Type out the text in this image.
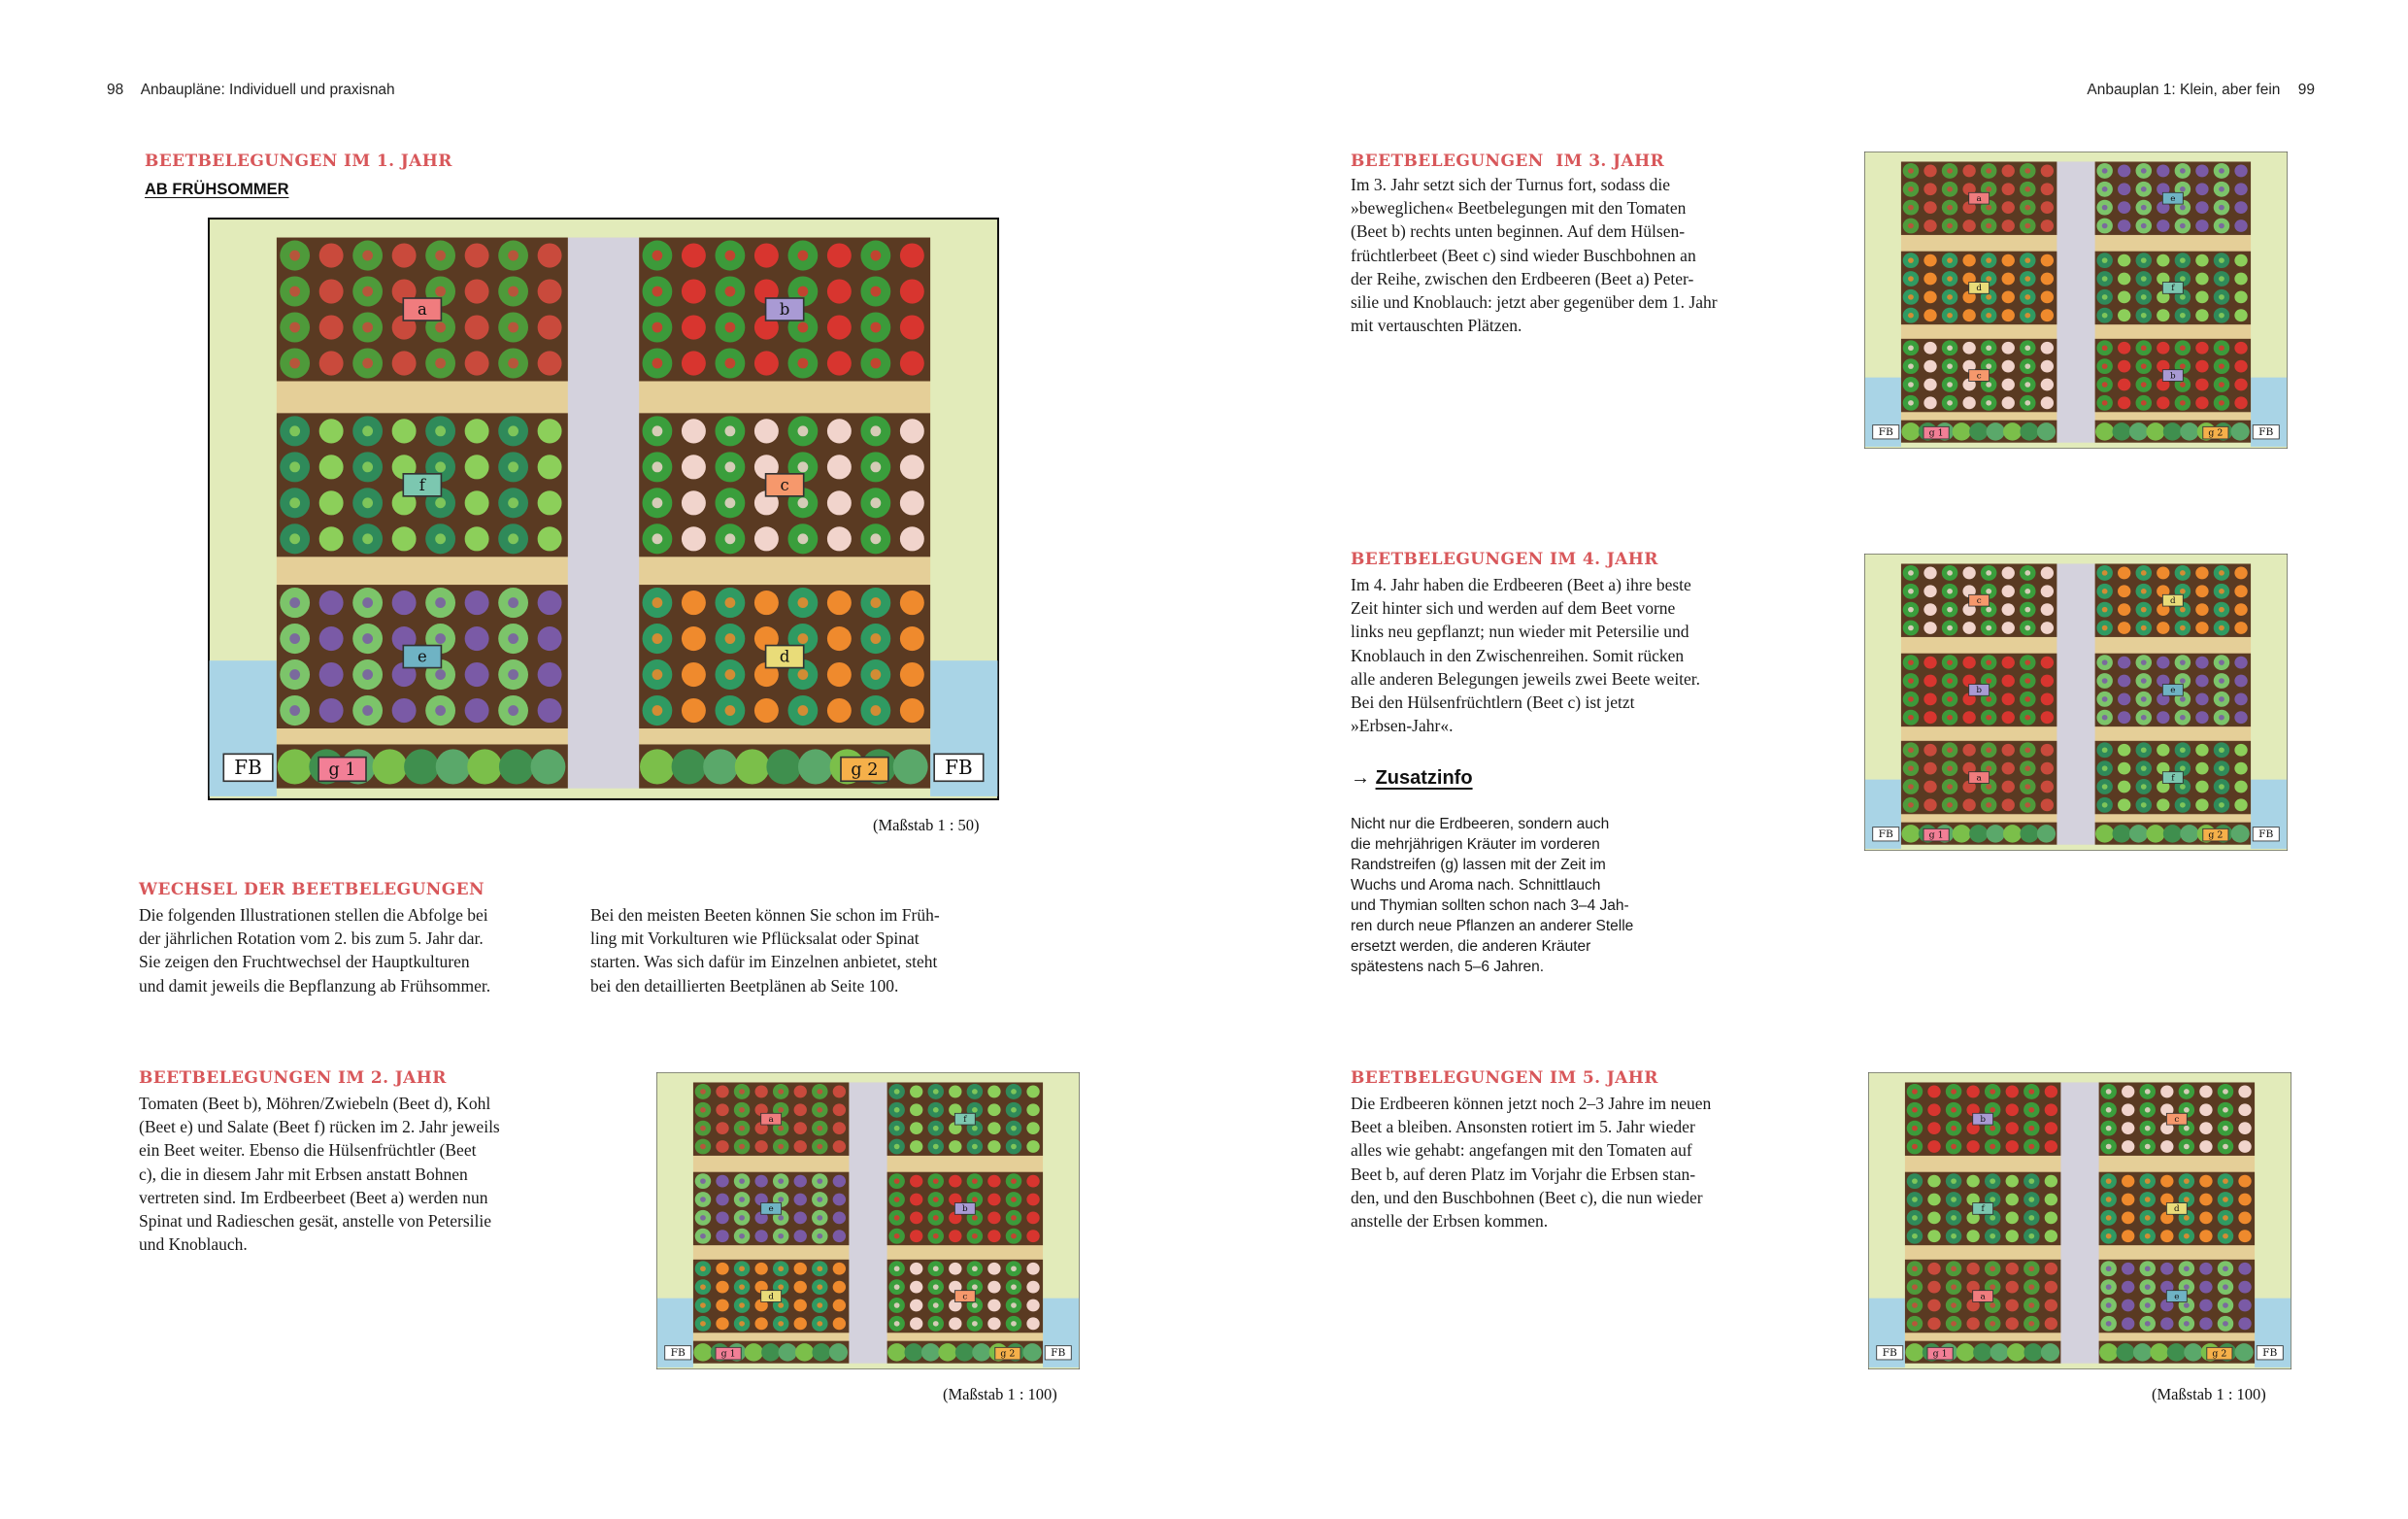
98 Anbaupläne: Individuell und praxisnah
BEETBELEGUNGEN IM 1. JAHR
AB FRÜHSOMMER
a	b
f	c
e	d
FB	FB
g 1	g 2
(Maßstab 1 : 50)
WECHSEL DER BEETBELEGUNGEN
Die folgenden Illustrationen stellen die Abfolge bei
der jährlichen Rotation vom 2. bis zum 5. Jahr dar.
Sie zeigen den Fruchtwechsel der Hauptkulturen
und damit jeweils die Bepflanzung ab Frühsommer.
Bei den meisten Beeten können Sie schon im Früh-
ling mit Vorkulturen wie Pflücksalat oder Spinat
starten. Was sich dafür im Einzelnen anbietet, steht
bei den detaillierten Beetplänen ab Seite 100.
BEETBELEGUNGEN IM 2. JAHR
Tomaten (Beet b), Möhren/Zwiebeln (Beet d), Kohl
(Beet e) und Salate (Beet f) rücken im 2. Jahr jeweils
ein Beet weiter. Ebenso die Hülsenfrüchtler (Beet
c), die in diesem Jahr mit Erbsen anstatt Bohnen
vertreten sind. Im Erdbeerbeet (Beet a) werden nun
Spinat und Radieschen gesät, anstelle von Petersilie
und Knoblauch.
a	f
e	b
d	c
FB	FB
g 1	g 2
(Maßstab 1 : 100)
Anbauplan 1: Klein, aber fein 99
BEETBELEGUNGEN  IM 3. JAHR
Im 3. Jahr setzt sich der Turnus fort, sodass die
»beweglichen« Beetbelegungen mit den Tomaten
(Beet b) rechts unten beginnen. Auf dem Hülsen-
früchtlerbeet (Beet c) sind wieder Buschbohnen an
der Reihe, zwischen den Erdbeeren (Beet a) Peter-
silie und Knoblauch: jetzt aber gegenüber dem 1. Jahr
mit vertauschten Plätzen.
a	e
d	f
c	b
FB	FB
g 1	g 2
BEETBELEGUNGEN IM 4. JAHR
Im 4. Jahr haben die Erdbeeren (Beet a) ihre beste
Zeit hinter sich und werden auf dem Beet vorne
links neu gepflanzt; nun wieder mit Petersilie und
Knoblauch in den Zwischenreihen. Somit rücken
alle anderen Belegungen jeweils zwei Beete weiter.
Bei den Hülsenfrüchtlern (Beet c) ist jetzt
»Erbsen-Jahr«.
→ Zusatzinfo
Nicht nur die Erdbeeren, sondern auch
die mehrjährigen Kräuter im vorderen
Randstreifen (g) lassen mit der Zeit im
Wuchs und Aroma nach. Schnittlauch
und Thymian sollten schon nach 3–4 Jah-
ren durch neue Pflanzen an anderer Stelle
ersetzt werden, die anderen Kräuter
spätestens nach 5–6 Jahren.
c	d
b	e
a	f
FB	FB
g 1	g 2
BEETBELEGUNGEN IM 5. JAHR
Die Erdbeeren können jetzt noch 2–3 Jahre im neuen
Beet a bleiben. Ansonsten rotiert im 5. Jahr wieder
alles wie gehabt: angefangen mit den Tomaten auf
Beet b, auf deren Platz im Vorjahr die Erbsen stan-
den, und den Buschbohnen (Beet c), die nun wieder
anstelle der Erbsen kommen.
b	c
f	d
a	e
FB	FB
g 1	g 2
(Maßstab 1 : 100)
